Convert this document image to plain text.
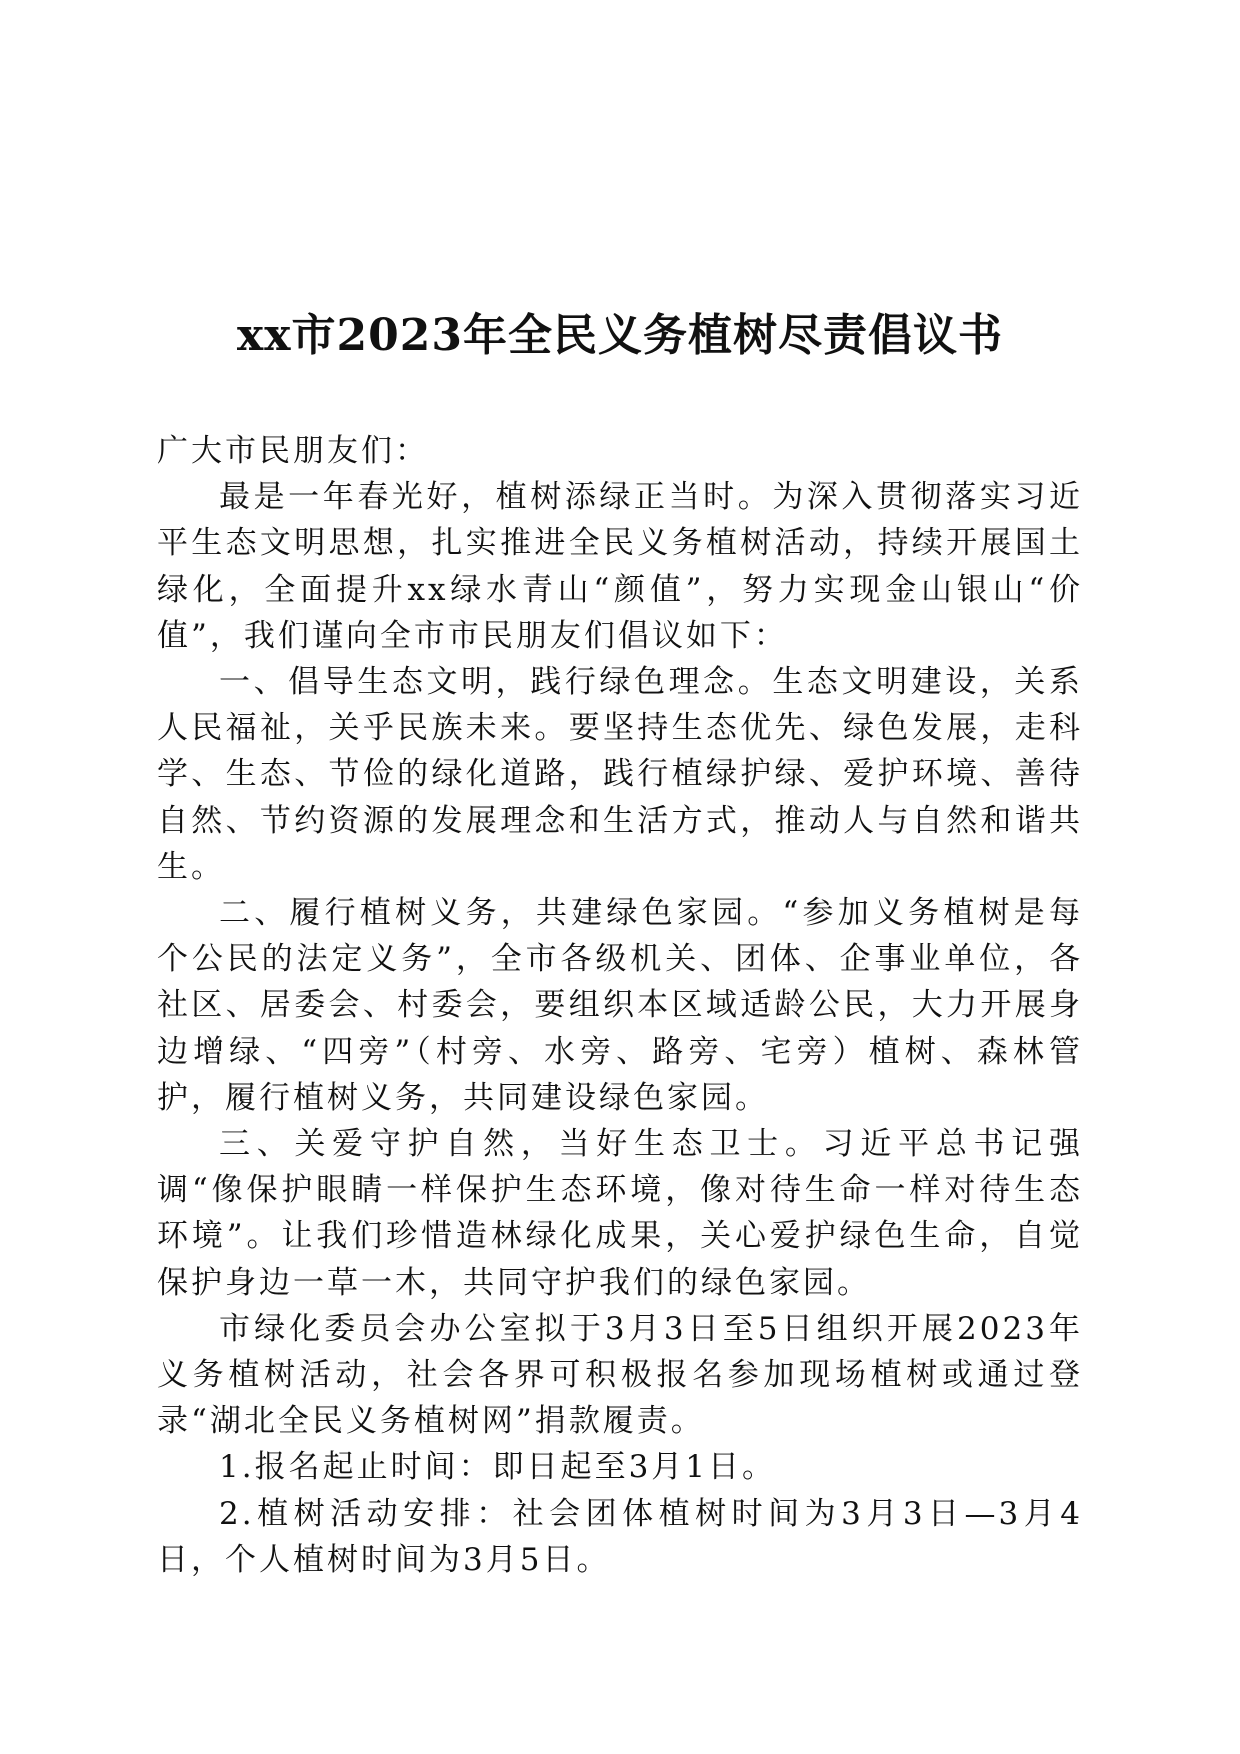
xx市2023年全民义务植树尽责倡议书

广大市民朋友们：

最是一年春光好，植树添绿正当时。为深入贯彻落实习近平生态文明思想，扎实推进全民义务植树活动，持续开展国土绿化，全面提升xx绿水青山“颜值”，努力实现金山银山“价值”，我们谨向全市市民朋友们倡议如下：

一、倡导生态文明，践行绿色理念。生态文明建设，关系人民福祉，关乎民族未来。要坚持生态优先、绿色发展，走科学、生态、节俭的绿化道路，践行植绿护绿、爱护环境、善待自然、节约资源的发展理念和生活方式，推动人与自然和谐共生。

二、履行植树义务，共建绿色家园。“参加义务植树是每个公民的法定义务”，全市各级机关、团体、企事业单位，各社区、居委会、村委会，要组织本区域适龄公民，大力开展身边增绿、“四旁”（村旁、水旁、路旁、宅旁）植树、森林管护，履行植树义务，共同建设绿色家园。

三、关爱守护自然，当好生态卫士。习近平总书记强调“像保护眼睛一样保护生态环境，像对待生命一样对待生态环境”。让我们珍惜造林绿化成果，关心爱护绿色生命，自觉保护身边一草一木，共同守护我们的绿色家园。

市绿化委员会办公室拟于3月3日至5日组织开展2023年义务植树活动，社会各界可积极报名参加现场植树或通过登录“湖北全民义务植树网”捐款履责。

1.报名起止时间：即日起至3月1日。

2.植树活动安排：社会团体植树时间为3月3日—3月4日，个人植树时间为3月5日。
